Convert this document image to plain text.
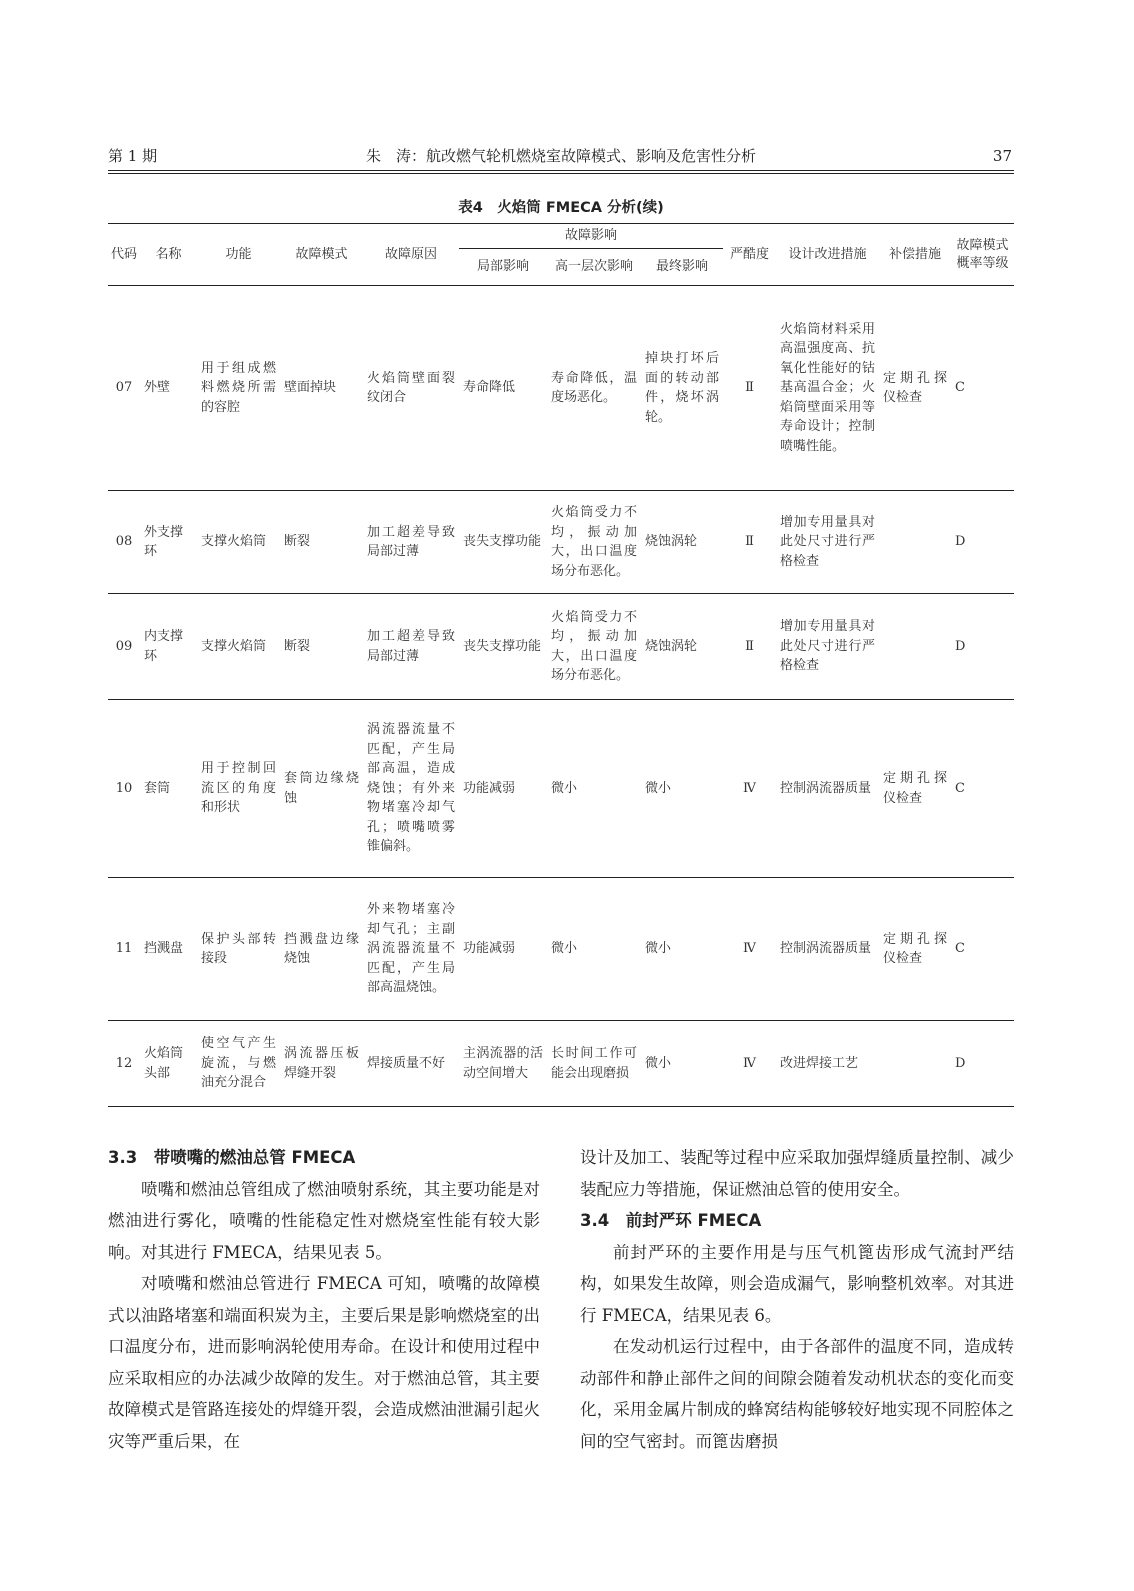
第 1 期	朱　涛：航改燃气轮机燃烧室故障模式、影响及危害性分析	37
表4　火焰筒 FMECA 分析(续)
代码	名称	功能	故障模式	故障原因	故障影响			严酷度	设计改进措施	补偿措施	故障模式概率等级
					局部影响	高一层次影响	最终影响				
07	外壁	用于组成燃料燃烧所需的容腔	壁面掉块	火焰筒壁面裂纹闭合	寿命降低	寿命降低，温度场恶化。	掉块打坏后面的转动部件，烧坏涡轮。	Ⅱ	火焰筒材料采用高温强度高、抗氧化性能好的钴基高温合金；火焰筒壁面采用等寿命设计；控制喷嘴性能。	定期孔探仪检查	C
08	外支撑环	支撑火焰筒	断裂	加工超差导致局部过薄	丧失支撑功能	火焰筒受力不均，振动加大，出口温度场分布恶化。	烧蚀涡轮	Ⅱ	增加专用量具对此处尺寸进行严格检查		D
09	内支撑环	支撑火焰筒	断裂	加工超差导致局部过薄	丧失支撑功能	火焰筒受力不均，振动加大，出口温度场分布恶化。	烧蚀涡轮	Ⅱ	增加专用量具对此处尺寸进行严格检查		D
10	套筒	用于控制回流区的角度和形状	套筒边缘烧蚀	涡流器流量不匹配，产生局部高温，造成烧蚀；有外来物堵塞冷却气孔；喷嘴喷雾锥偏斜。	功能减弱	微小	微小	Ⅳ	控制涡流器质量	定期孔探仪检查	C
11	挡溅盘	保护头部转接段	挡溅盘边缘烧蚀	外来物堵塞冷却气孔；主副涡流器流量不匹配，产生局部高温烧蚀。	功能减弱	微小	微小	Ⅳ	控制涡流器质量	定期孔探仪检查	C
12	火焰筒头部	使空气产生旋流，与燃油充分混合	涡流器压板焊缝开裂	焊接质量不好	主涡流器的活动空间增大	长时间工作可能会出现磨损	微小	Ⅳ	改进焊接工艺		D
3.3　带喷嘴的燃油总管 FMECA

喷嘴和燃油总管组成了燃油喷射系统，其主要功能是对燃油进行雾化，喷嘴的性能稳定性对燃烧室性能有较大影响。对其进行 FMECA，结果见表 5。

对喷嘴和燃油总管进行 FMECA 可知，喷嘴的故障模式以油路堵塞和端面积炭为主，主要后果是影响燃烧室的出口温度分布，进而影响涡轮使用寿命。在设计和使用过程中应采取相应的办法减少故障的发生。对于燃油总管，其主要故障模式是管路连接处的焊缝开裂，会造成燃油泄漏引起火灾等严重后果，在

设计及加工、装配等过程中应采取加强焊缝质量控制、减少装配应力等措施，保证燃油总管的使用安全。

3.4　前封严环 FMECA

前封严环的主要作用是与压气机篦齿形成气流封严结构，如果发生故障，则会造成漏气，影响整机效率。对其进行 FMECA，结果见表 6。

在发动机运行过程中，由于各部件的温度不同，造成转动部件和静止部件之间的间隙会随着发动机状态的变化而变化，采用金属片制成的蜂窝结构能够较好地实现不同腔体之间的空气密封。而篦齿磨损
